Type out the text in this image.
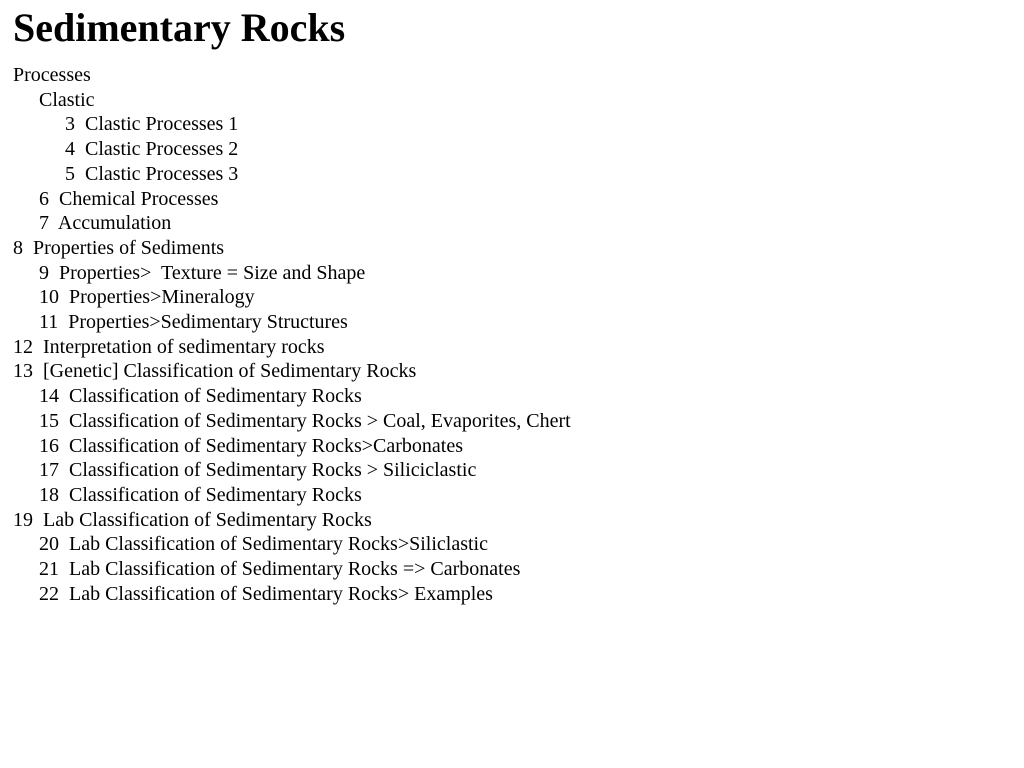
Sedimentary Rocks
Processes
Clastic
3 Clastic Processes 1
4 Clastic Processes 2
5 Clastic Processes 3
6 Chemical Processes
7 Accumulation
8 Properties of Sediments
9 Properties>  Texture = Size and Shape
10 Properties>Mineralogy
11 Properties>Sedimentary Structures
12 Interpretation of sedimentary rocks
13 [Genetic] Classification of Sedimentary Rocks
14 Classification of Sedimentary Rocks
15 Classification of Sedimentary Rocks > Coal, Evaporites, Chert
16 Classification of Sedimentary Rocks>Carbonates
17 Classification of Sedimentary Rocks > Siliciclastic
18 Classification of Sedimentary Rocks
19 Lab Classification of Sedimentary Rocks
20 Lab Classification of Sedimentary Rocks>Siliclastic
21 Lab Classification of Sedimentary Rocks => Carbonates
22 Lab Classification of Sedimentary Rocks> Examples
